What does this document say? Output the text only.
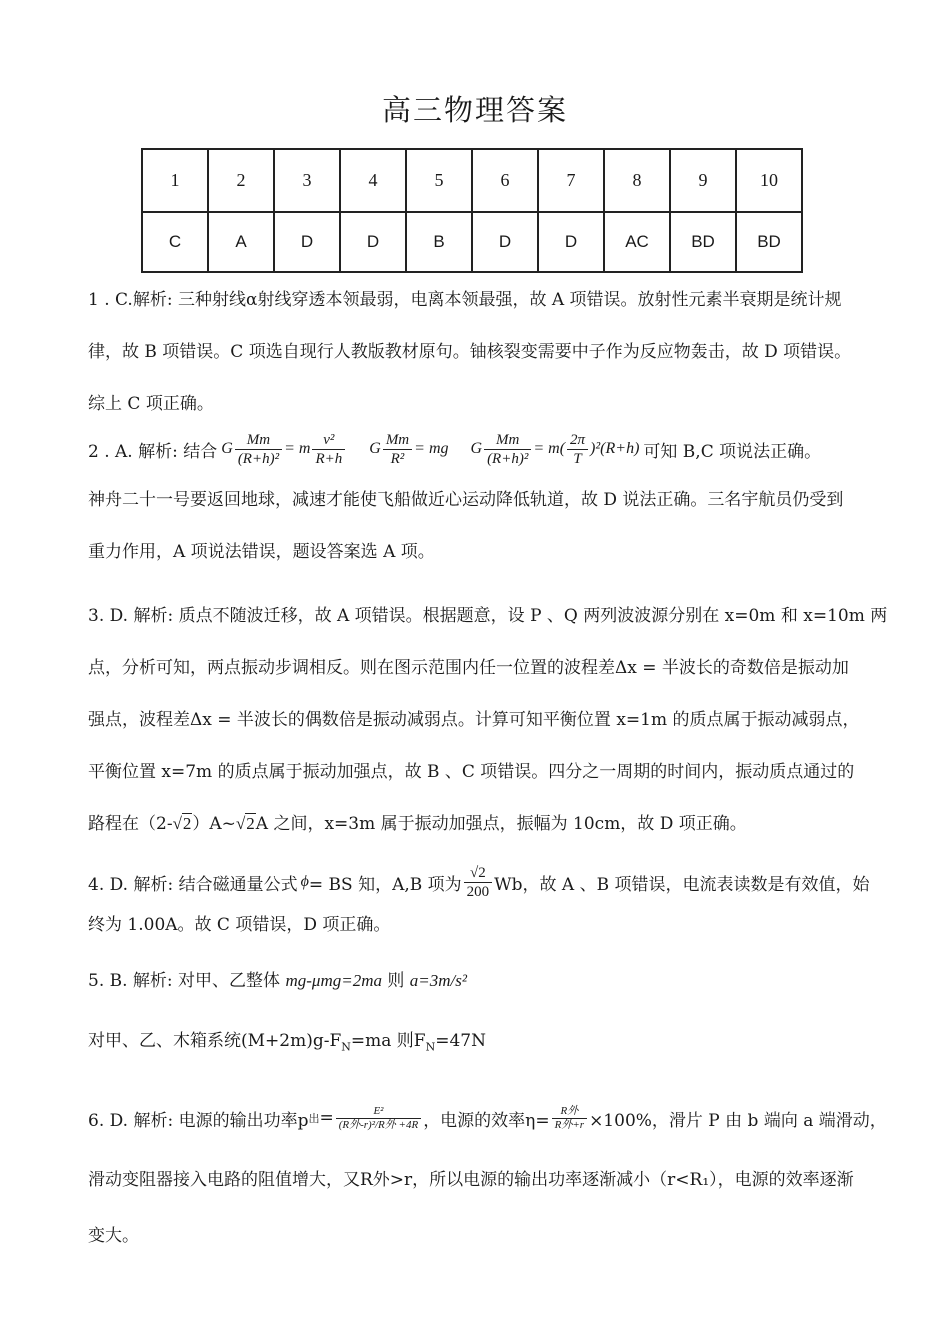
高三物理答案
1	2	3	4	5	6	7	8	9	10
C	A	D	D	B	D	D	AC	BD	BD
1 . C.解析: 三种射线α射线穿透本领最弱，电离本领最强，故 A 项错误。放射性元素半衰期是统计规
律，故 B 项错误。C 项选自现行人教版教材原句。铀核裂变需要中子作为反应物轰击，故 D 项错误。
综上 C 项正确。
2 . A. 解析: 结合 G $\frac{Mm}{\text{(R+h)²}} = m \frac{\text{v²}}{R+h}$ G $\frac{Mm}{\text{R²}}$ = mg G $\frac{Mm}{\text{(R+h)²}} = m( \frac{2\pi}{T} )^2(R+h)$ 可知 B,C 项说法正确。
神舟二十一号要返回地球，减速才能使飞船做近心运动降低轨道，故 D 说法正确。三名宇航员仍受到
重力作用，A 项说法错误，题设答案选 A 项。
3. D. 解析: 质点不随波迁移，故 A 项错误。根据题意，设 P 、Q 两列波波源分别在 x=0m 和 x=10m 两
点，分析可知，两点振动步调相反。则在图示范围内任一位置的波程差Δx = 半波长的奇数倍是振动加
强点，波程差Δx = 半波长的偶数倍是振动减弱点。计算可知平衡位置 x=1m 的质点属于振动减弱点，
平衡位置 x=7m 的质点属于振动加强点，故 B 、C 项错误。四分之一周期的时间内，振动质点通过的
路程在（2-√2）A~√2A 之间，x=3m 属于振动加强点，振幅为 10cm，故 D 项正确。
4. D. 解析: 结合磁通量公式 ϕ = BS 知，A,B 项为 $\frac{√2}{200}$ Wb，故 A 、B 项错误，电流表读数是有效值，始
终为 1.00A。故 C 项错误，D 项正确。
5. B. 解析: 对甲、乙整体 mg-μmg=2ma 则 a=3m/s²
对甲、乙、木箱系统$(M+2m)g-F_N=ma$ 则$F_N=47N$
6. D. 解析: 电源的输出功率p 出 = $\frac{\text{E²}}{\text{(R外-r)²/R外 +4R}}$ ，电源的效率$\eta= \frac{\text{R外}}{\text{R外+r}} \times 100\%$，滑片 P 由 b 端向 a 端滑动，
滑动变阻器接入电路的阻值增大，又R外>r，所以电源的输出功率逐渐减小（r<R₁），电源的效率逐渐
变大。
